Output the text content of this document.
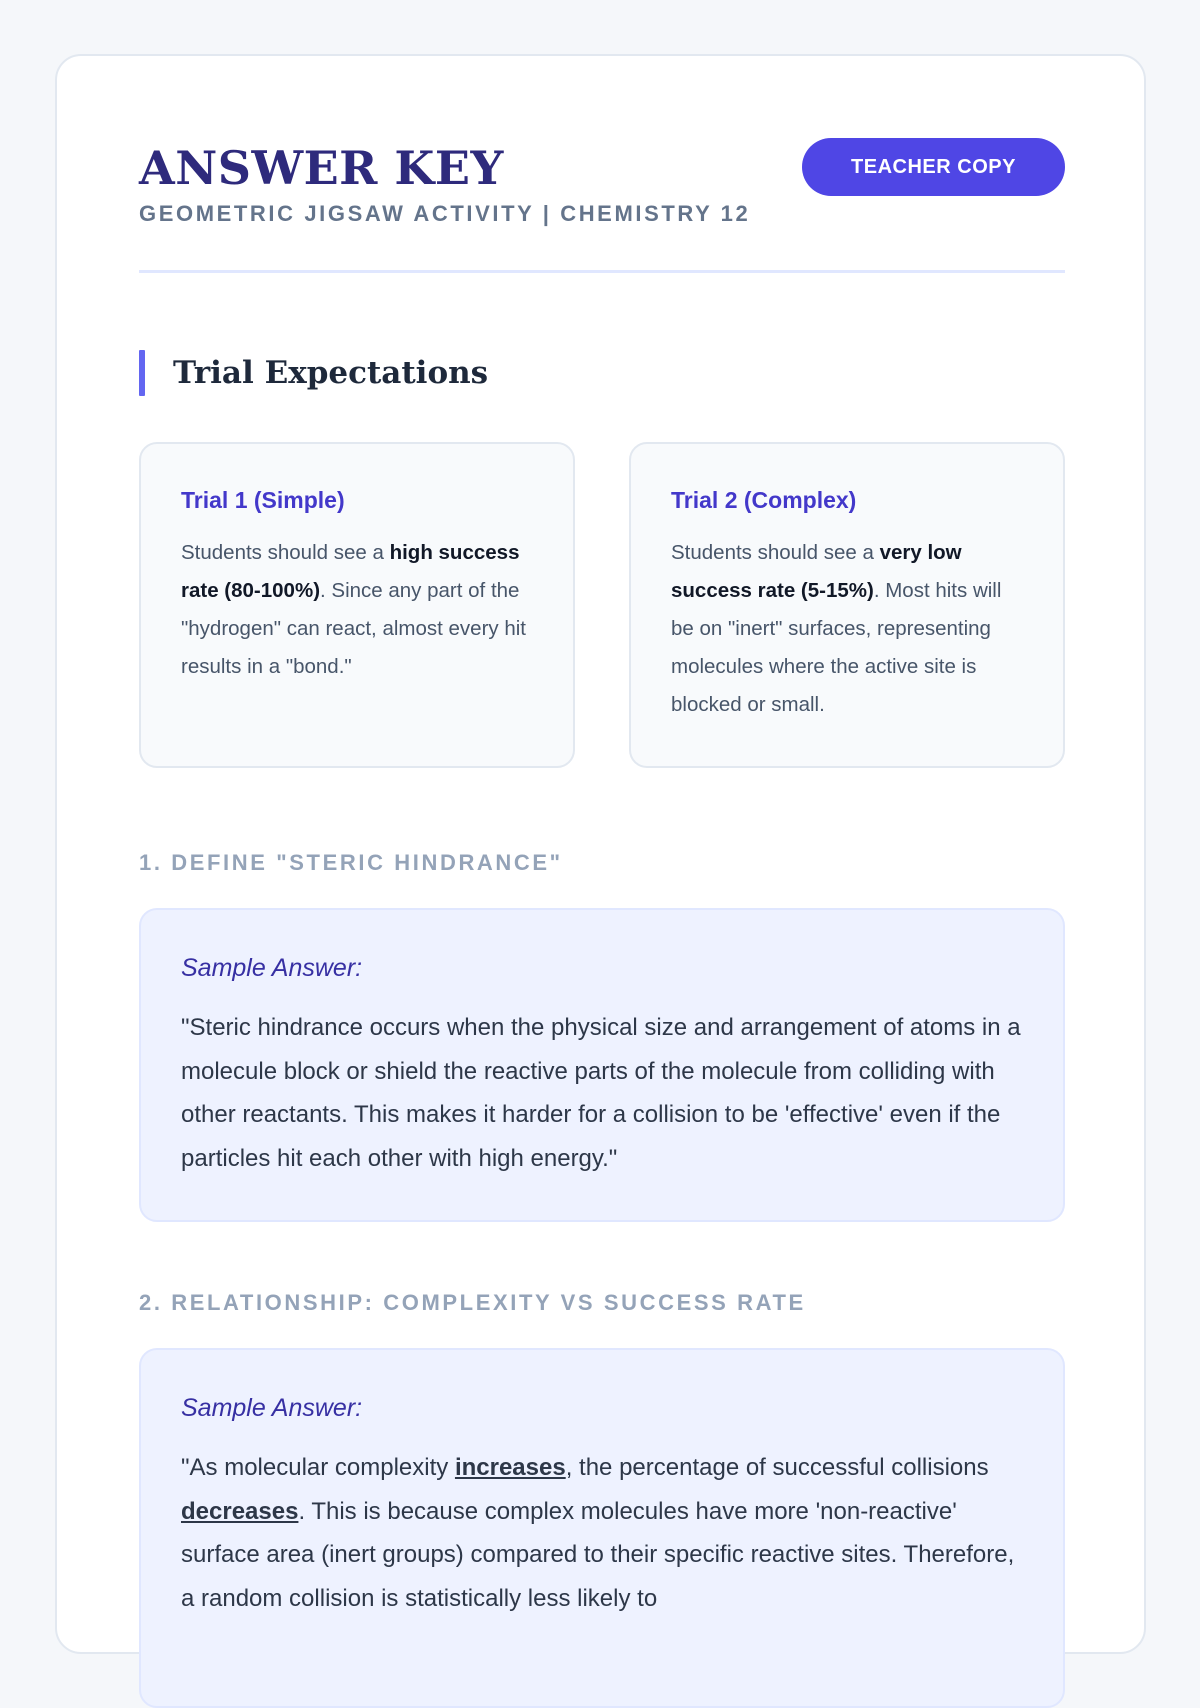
ANSWER KEY
GEOMETRIC JIGSAW ACTIVITY | CHEMISTRY 12
TEACHER COPY
Trial Expectations
Trial 1 (Simple)
Students should see a high success rate (80-100%). Since any part of the "hydrogen" can react, almost every hit results in a "bond."
Trial 2 (Complex)
Students should see a very low success rate (5-15%). Most hits will be on "inert" surfaces, representing molecules where the active site is blocked or small.
1. DEFINE "STERIC HINDRANCE"
Sample Answer:
"Steric hindrance occurs when the physical size and arrangement of atoms in a molecule block or shield the reactive parts of the molecule from colliding with other reactants. This makes it harder for a collision to be 'effective' even if the particles hit each other with high energy."
2. RELATIONSHIP: COMPLEXITY VS SUCCESS RATE
Sample Answer:
"As molecular complexity increases, the percentage of successful collisions decreases. This is because complex molecules have more 'non-reactive' surface area (inert groups) compared to their specific reactive sites. Therefore, a random collision is statistically less likely to
